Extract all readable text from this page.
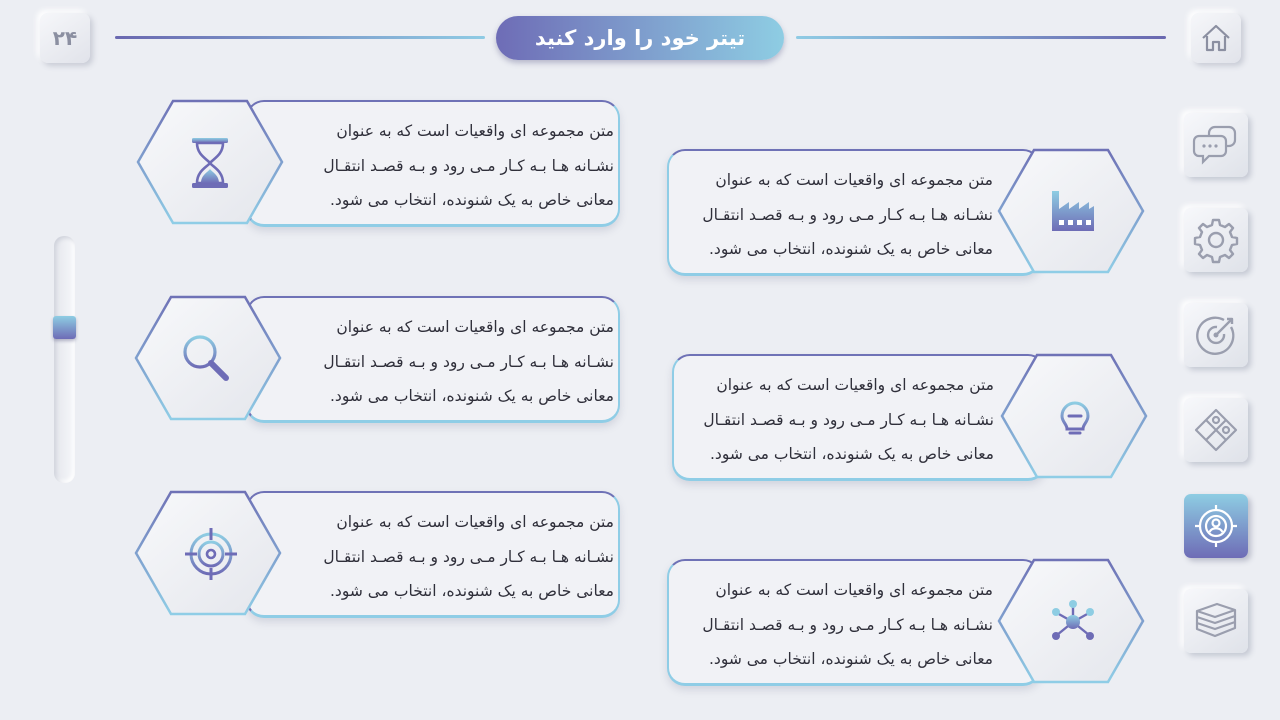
۲۴	تیتر خود را وارد کنید
متن مجموعه ای واقعیات است که به عنوان
نشـانه هـا بـه کـار مـی رود و بـه قصـد انتقـال
معانی خاص به یک شنونده، انتخاب می شود.
متن مجموعه ای واقعیات است که به عنوان
نشـانه هـا بـه کـار مـی رود و بـه قصـد انتقـال
معانی خاص به یک شنونده، انتخاب می شود.
متن مجموعه ای واقعیات است که به عنوان
نشـانه هـا بـه کـار مـی رود و بـه قصـد انتقـال
معانی خاص به یک شنونده، انتخاب می شود.
متن مجموعه ای واقعیات است که به عنوان
نشـانه هـا بـه کـار مـی رود و بـه قصـد انتقـال
معانی خاص به یک شنونده، انتخاب می شود.
متن مجموعه ای واقعیات است که به عنوان
نشـانه هـا بـه کـار مـی رود و بـه قصـد انتقـال
معانی خاص به یک شنونده، انتخاب می شود.
متن مجموعه ای واقعیات است که به عنوان
نشـانه هـا بـه کـار مـی رود و بـه قصـد انتقـال
معانی خاص به یک شنونده، انتخاب می شود.
